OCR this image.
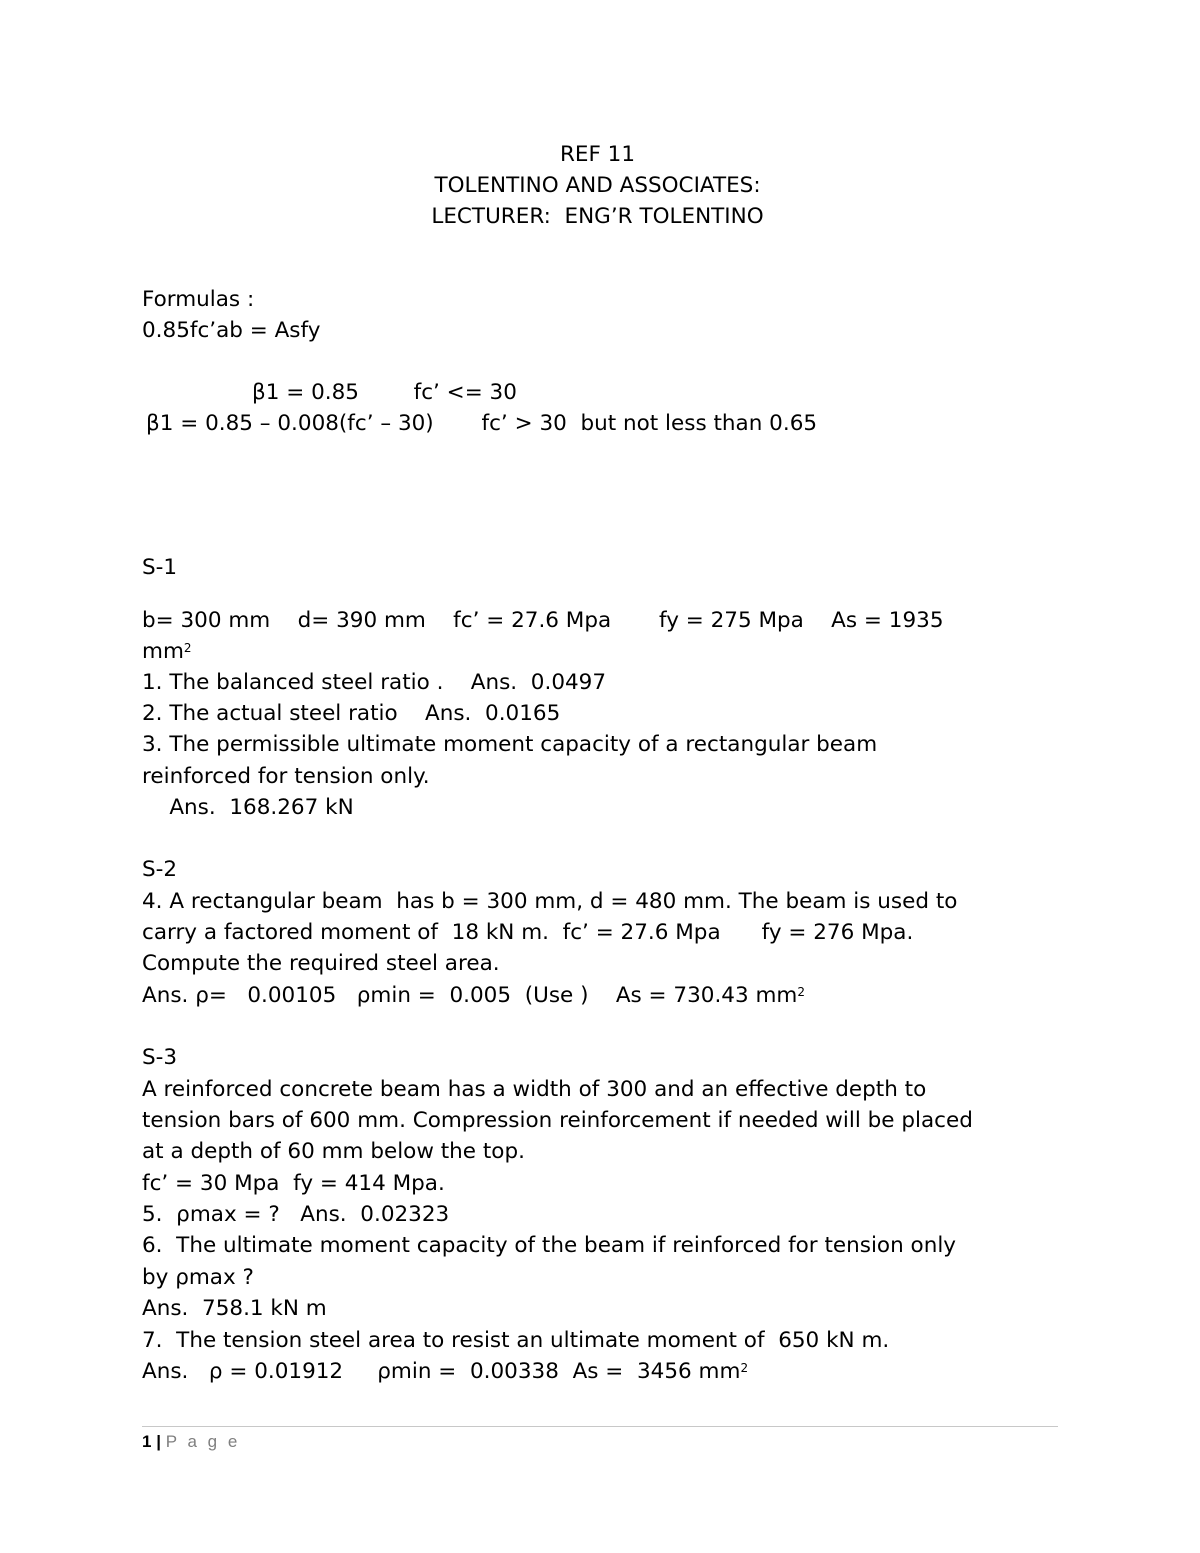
REF 11
TOLENTINO AND ASSOCIATES:
LECTURER:  ENG’R TOLENTINO
Formulas :
0.85fc’ab = Asfy
β1 = 0.85        fc’ <= 30
β1 = 0.85 – 0.008(fc’ – 30)       fc’ > 30  but not less than 0.65
S-1
b= 300 mm    d= 390 mm    fc’ = 27.6 Mpa       fy = 275 Mpa    As = 1935
$mm^2$
1. The balanced steel ratio .    Ans.  0.0497
2. The actual steel ratio    Ans.  0.0165
3. The permissible ultimate moment capacity of a rectangular beam
reinforced for tension only.
Ans.  168.267 kN
S-2
4. A rectangular beam  has b = 300 mm, d = 480 mm. The beam is used to
carry a factored moment of  18 kN m.  fc’ = 27.6 Mpa      fy = 276 Mpa.
Compute the required steel area.
Ans. ρ=   0.00105   ρmin =  0.005  (Use )    As = 730.43 $mm^2$
S-3
A reinforced concrete beam has a width of 300 and an effective depth to
tension bars of 600 mm. Compression reinforcement if needed will be placed
at a depth of 60 mm below the top.
fc’ = 30 Mpa  fy = 414 Mpa.
5.  ρmax = ?   Ans.  0.02323
6.  The ultimate moment capacity of the beam if reinforced for tension only
by ρmax ?
Ans.  758.1 kN m
7.  The tension steel area to resist an ultimate moment of  650 kN m.
Ans.   ρ = 0.01912     ρmin =  0.00338  As =  3456 $mm^2$
1 | P a g e
